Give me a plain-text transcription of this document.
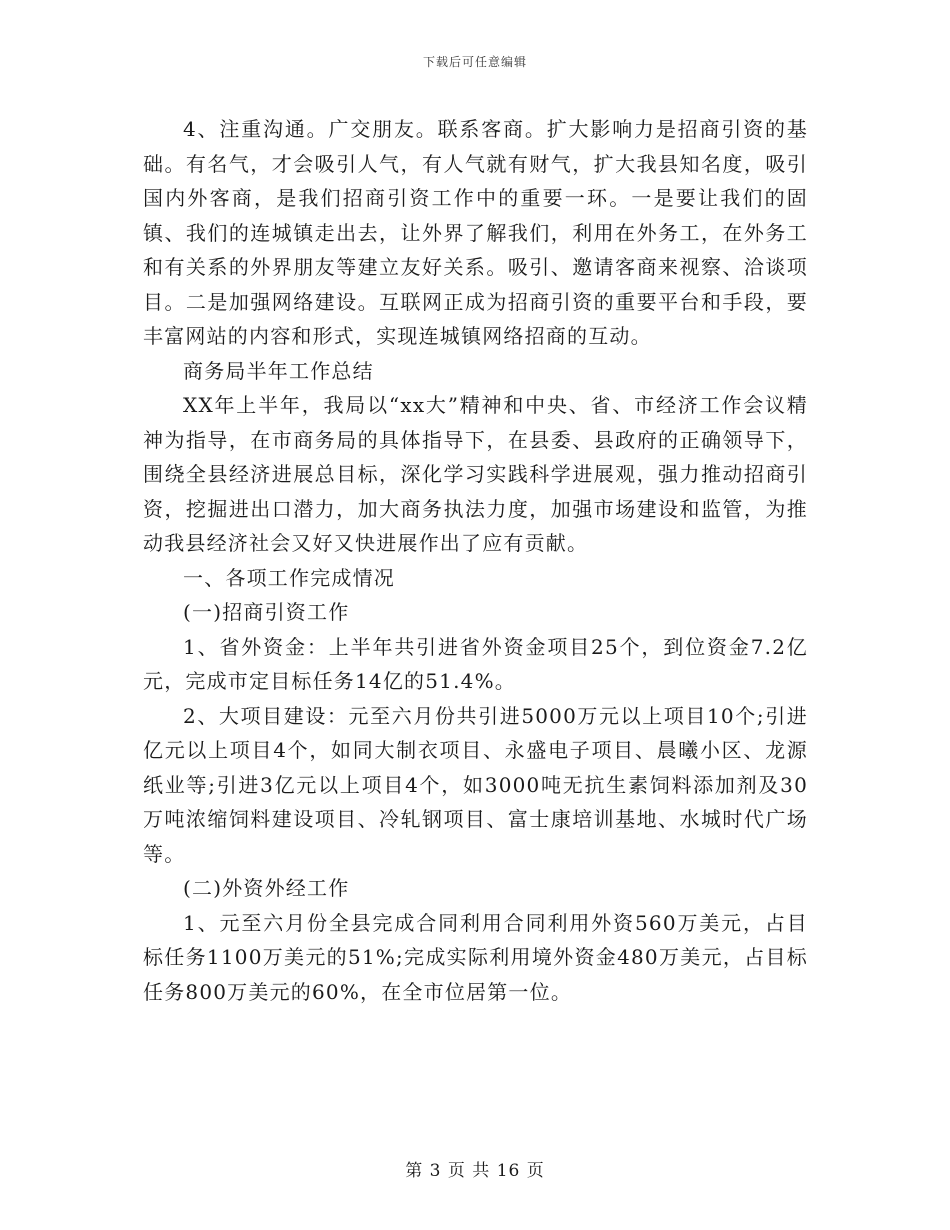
下载后可任意编辑

4、注重沟通。广交朋友。联系客商。扩大影响力是招商引资的基础。有名气，才会吸引人气，有人气就有财气，扩大我县知名度，吸引国内外客商，是我们招商引资工作中的重要一环。一是要让我们的固镇、我们的连城镇走出去，让外界了解我们，利用在外务工，在外务工和有关系的外界朋友等建立友好关系。吸引、邀请客商来视察、洽谈项目。二是加强网络建设。互联网正成为招商引资的重要平台和手段，要丰富网站的内容和形式，实现连城镇网络招商的互动。

商务局半年工作总结

XX年上半年，我局以“xx大”精神和中央、省、市经济工作会议精神为指导，在市商务局的具体指导下，在县委、县政府的正确领导下，围绕全县经济进展总目标，深化学习实践科学进展观，强力推动招商引资，挖掘进出口潜力，加大商务执法力度，加强市场建设和监管，为推动我县经济社会又好又快进展作出了应有贡献。

一、各项工作完成情况

(一)招商引资工作

1、省外资金：上半年共引进省外资金项目25个，到位资金7.2亿元，完成市定目标任务14亿的51.4%。

2、大项目建设：元至六月份共引进5000万元以上项目10个;引进亿元以上项目4个，如同大制衣项目、永盛电子项目、晨曦小区、龙源纸业等;引进3亿元以上项目4个，如3000吨无抗生素饲料添加剂及30万吨浓缩饲料建设项目、冷轧钢项目、富士康培训基地、水城时代广场等。

(二)外资外经工作

1、元至六月份全县完成合同利用合同利用外资560万美元，占目标任务1100万美元的51%;完成实际利用境外资金480万美元，占目标任务800万美元的60%，在全市位居第一位。

第 3 页 共 16 页
